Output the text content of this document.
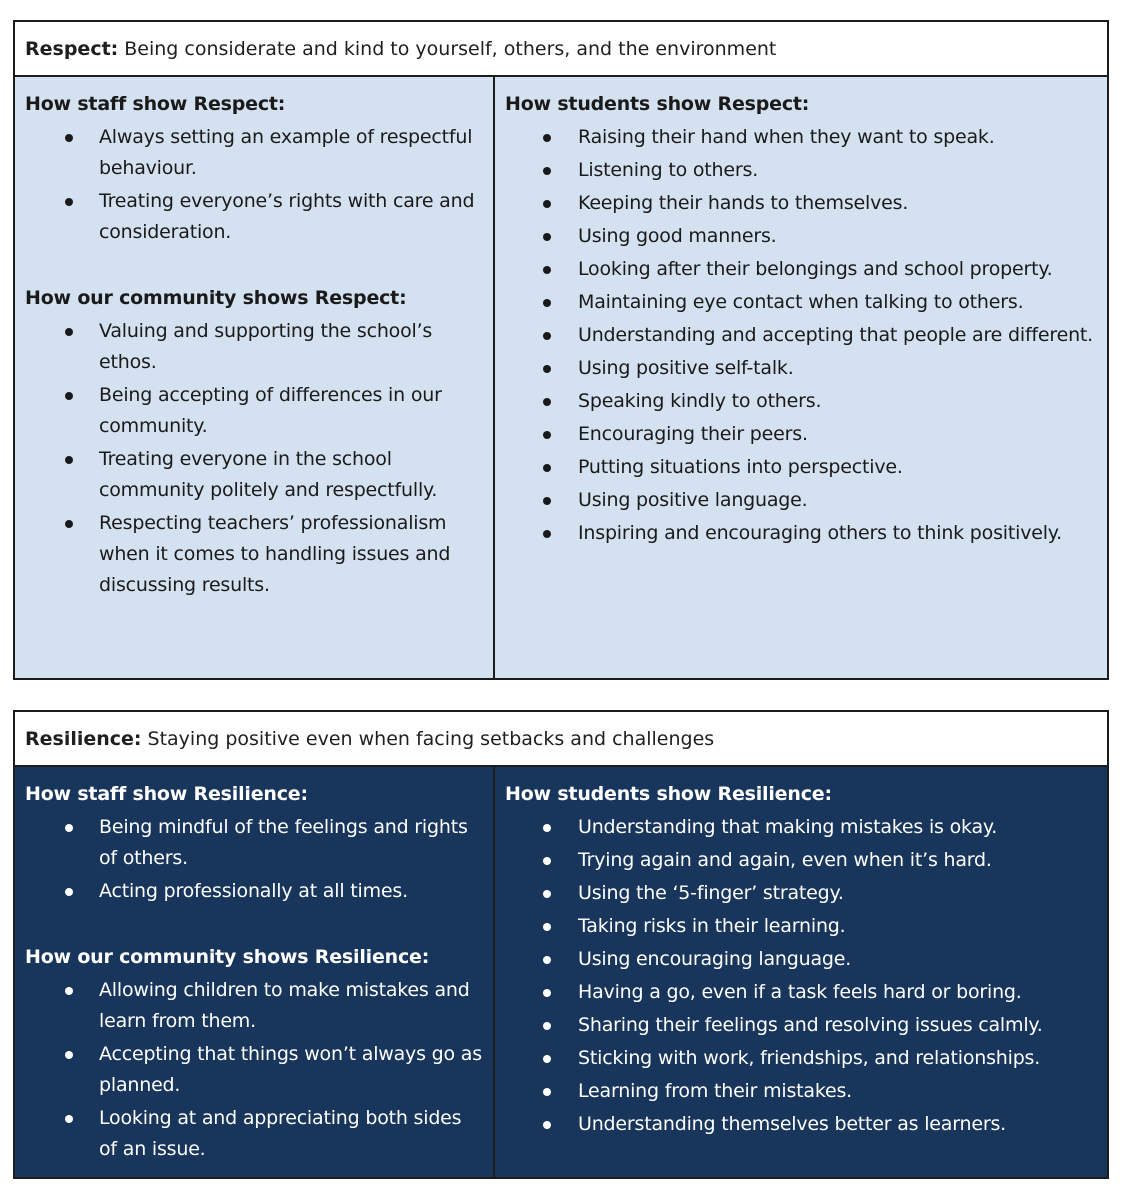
Respect: Being considerate and kind to yourself, others, and the environment
How staff show Respect:
Always setting an example of respectful behaviour.
Treating everyone’s rights with care and consideration.
How our community shows Respect:
Valuing and supporting the school’s ethos.
Being accepting of differences in our community.
Treating everyone in the school community politely and respectfully.
Respecting teachers’ professionalism when it comes to handling issues and discussing results.
How students show Respect:
Raising their hand when they want to speak.
Listening to others.
Keeping their hands to themselves.
Using good manners.
Looking after their belongings and school property.
Maintaining eye contact when talking to others.
Understanding and accepting that people are different.
Using positive self-talk.
Speaking kindly to others.
Encouraging their peers.
Putting situations into perspective.
Using positive language.
Inspiring and encouraging others to think positively.
Resilience: Staying positive even when facing setbacks and challenges
How staff show Resilience:
Being mindful of the feelings and rights of others.
Acting professionally at all times.
How our community shows Resilience:
Allowing children to make mistakes and learn from them.
Accepting that things won’t always go as planned.
Looking at and appreciating both sides of an issue.
How students show Resilience:
Understanding that making mistakes is okay.
Trying again and again, even when it’s hard.
Using the ‘5-finger’ strategy.
Taking risks in their learning.
Using encouraging language.
Having a go, even if a task feels hard or boring.
Sharing their feelings and resolving issues calmly.
Sticking with work, friendships, and relationships.
Learning from their mistakes.
Understanding themselves better as learners.
